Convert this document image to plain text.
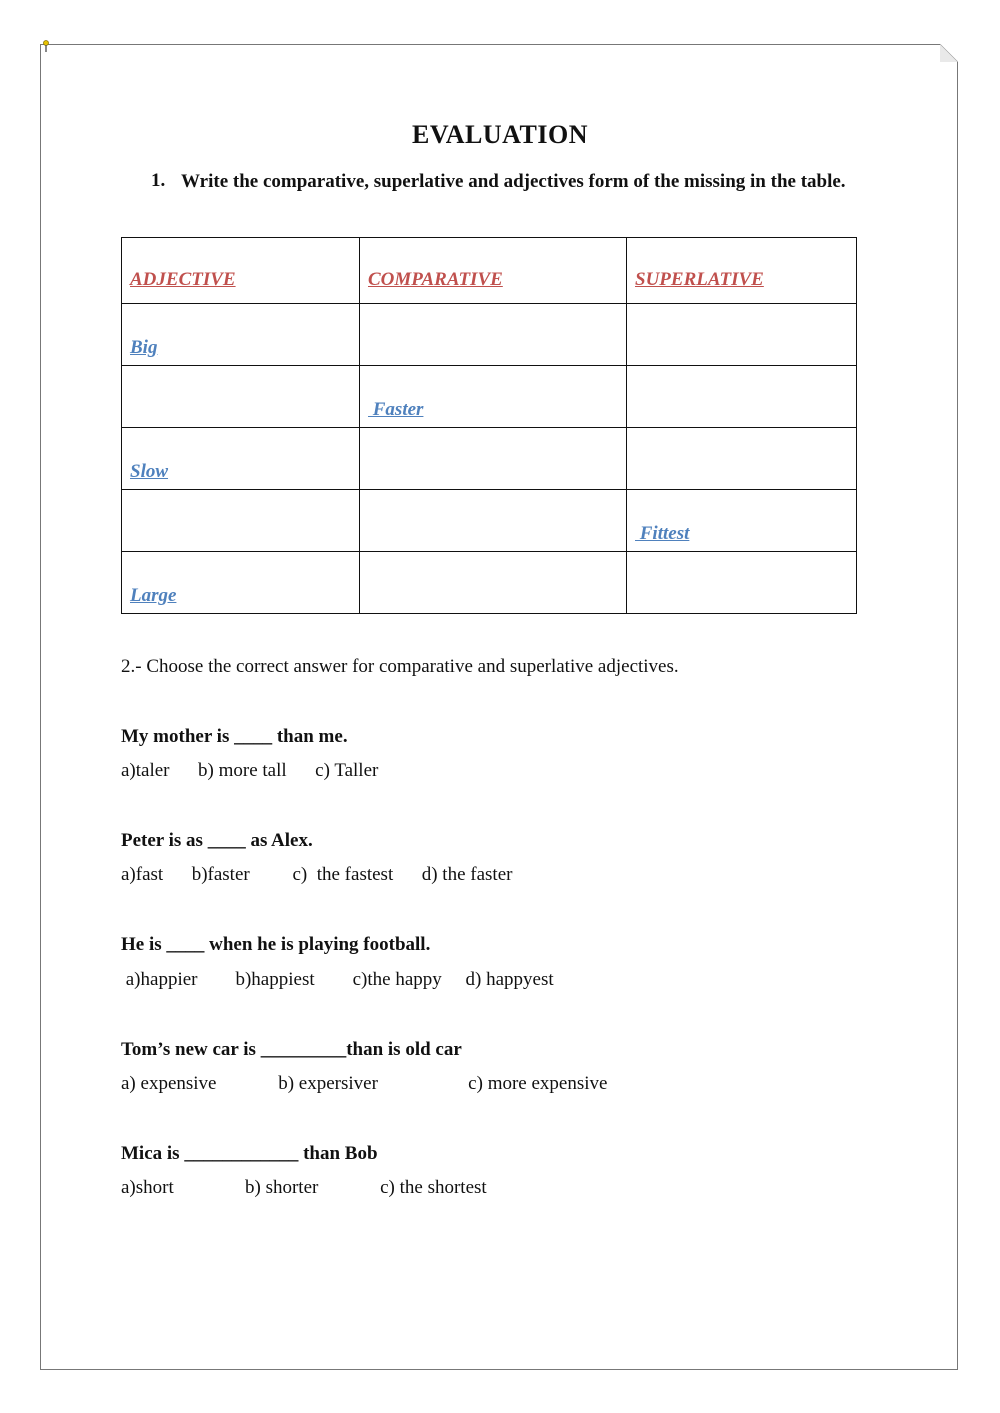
EVALUATION
1. Write the comparative, superlative and adjectives form of the missing in the table.
ADJECTIVE	COMPARATIVE	SUPERLATIVE
Big		
	Faster	
Slow		
		Fittest
Large		
2.- Choose the correct answer for comparative and superlative adjectives.
My mother is ____ than me.
a)taler      b) more tall      c) Taller
Peter is as ____ as Alex.
a)fast      b)faster         c)  the fastest      d) the faster
He is ____ when he is playing football.
a)happier        b)happiest        c)the happy     d) happyest
Tom’s new car is _________than is old car
a) expensive             b) expersiver                   c) more expensive
Mica is ____________ than Bob
a)short               b) shorter             c) the shortest
